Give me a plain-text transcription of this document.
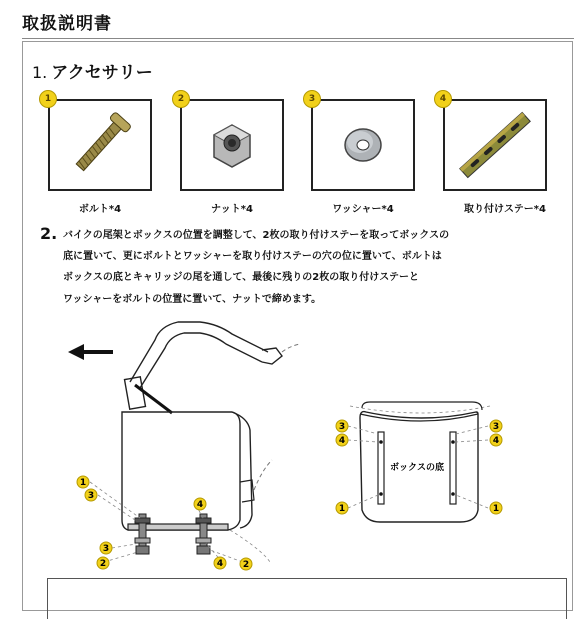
取扱説明書
1. アクセサリー
1
ボルト*4
2
ナット*4
3
ワッシャー*4
4
取り付けステー*4
2. バイクの尾架とボックスの位置を調整して、2枚の取り付けステーを取ってボックスの
底に置いて、更にボルトとワッシャーを取り付けステーの穴の位に置いて、ボルトは
ボックスの底とキャリッジの尾を通して、最後に残りの2枚の取り付けステーと
ワッシャーをボルトの位置に置いて、ナットで締めます。
1
3
4
3
2	4 2
ボックスの底
3
4
3
4
1	1
